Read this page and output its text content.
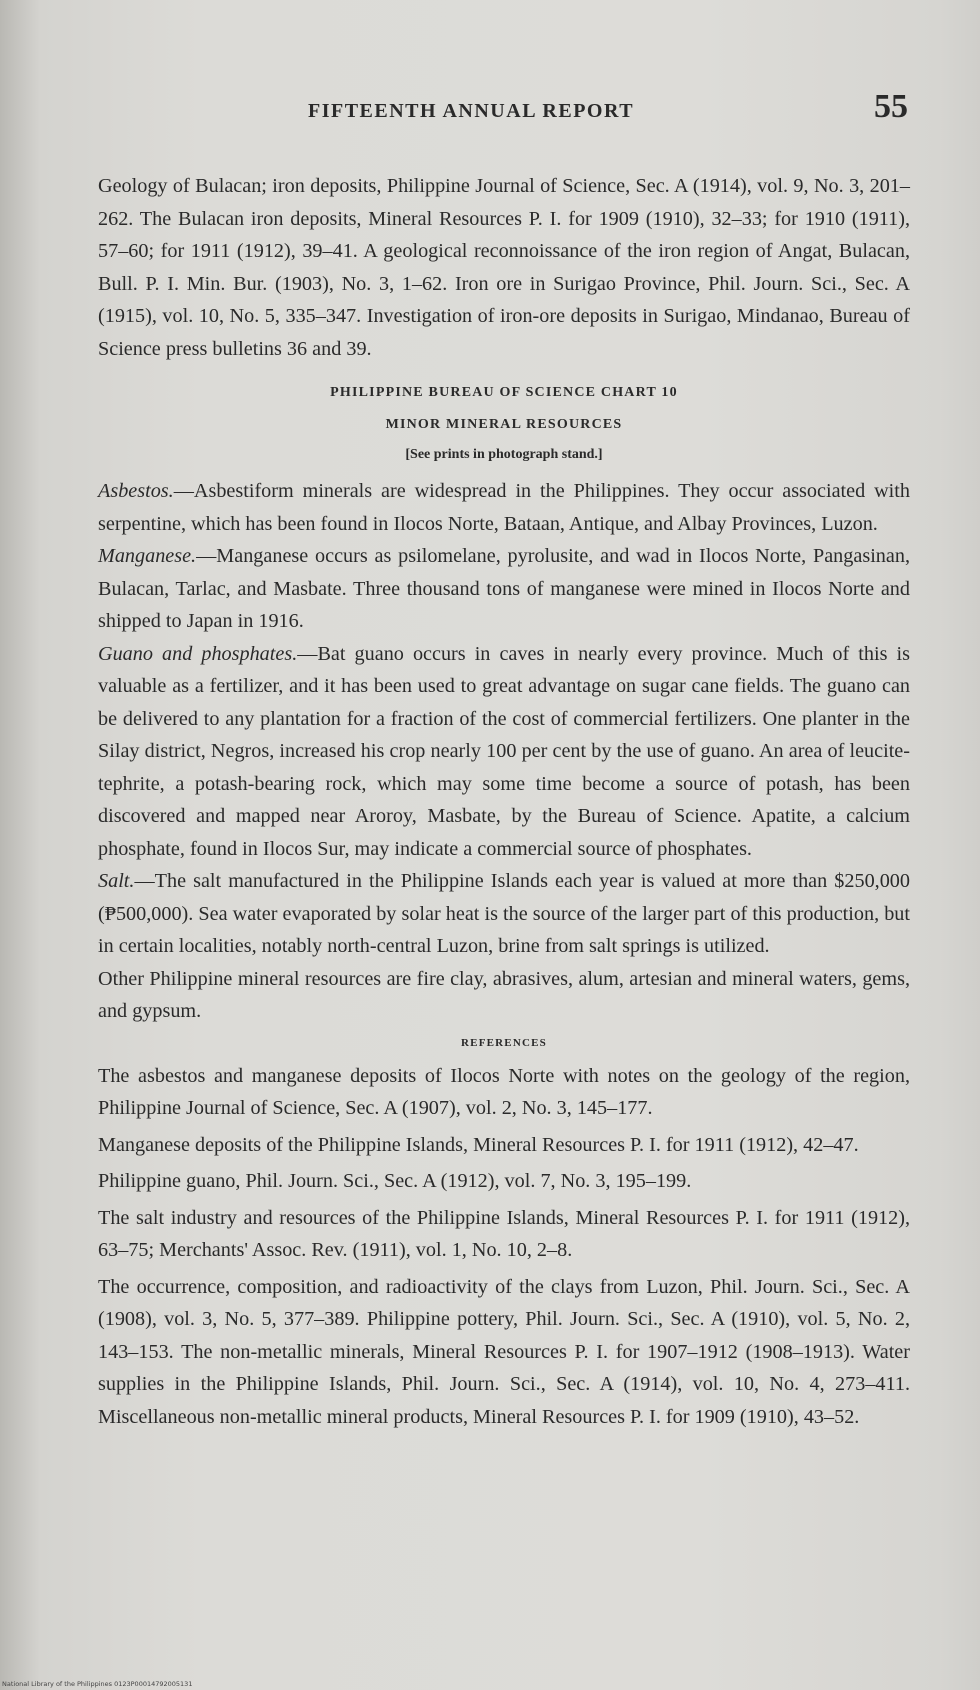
FIFTEENTH ANNUAL REPORT	55

Geology of Bulacan; iron deposits, Philippine Journal of Science, Sec. A (1914), vol. 9, No. 3, 201–262. The Bulacan iron deposits, Mineral Resources P. I. for 1909 (1910), 32–33; for 1910 (1911), 57–60; for 1911 (1912), 39–41. A geological reconnoissance of the iron region of Angat, Bulacan, Bull. P. I. Min. Bur. (1903), No. 3, 1–62. Iron ore in Surigao Province, Phil. Journ. Sci., Sec. A (1915), vol. 10, No. 5, 335–347. Investigation of iron-ore deposits in Surigao, Mindanao, Bureau of Science press bulletins 36 and 39.

PHILIPPINE BUREAU OF SCIENCE CHART 10
MINOR MINERAL RESOURCES
[See prints in photograph stand.]

Asbestos.—Asbestiform minerals are widespread in the Philippines. They occur associated with serpentine, which has been found in Ilocos Norte, Bataan, Antique, and Albay Provinces, Luzon.

Manganese.—Manganese occurs as psilomelane, pyrolusite, and wad in Ilocos Norte, Pangasinan, Bulacan, Tarlac, and Masbate. Three thousand tons of manganese were mined in Ilocos Norte and shipped to Japan in 1916.

Guano and phosphates.—Bat guano occurs in caves in nearly every province. Much of this is valuable as a fertilizer, and it has been used to great advantage on sugar cane fields. The guano can be delivered to any plantation for a fraction of the cost of commercial fertilizers. One planter in the Silay district, Negros, increased his crop nearly 100 per cent by the use of guano. An area of leucite-tephrite, a potash-bearing rock, which may some time become a source of potash, has been discovered and mapped near Aroroy, Masbate, by the Bureau of Science. Apatite, a calcium phosphate, found in Ilocos Sur, may indicate a commercial source of phosphates.

Salt.—The salt manufactured in the Philippine Islands each year is valued at more than $250,000 (₱500,000). Sea water evaporated by solar heat is the source of the larger part of this production, but in certain localities, notably north-central Luzon, brine from salt springs is utilized.

Other Philippine mineral resources are fire clay, abrasives, alum, artesian and mineral waters, gems, and gypsum.

REFERENCES

The asbestos and manganese deposits of Ilocos Norte with notes on the geology of the region, Philippine Journal of Science, Sec. A (1907), vol. 2, No. 3, 145–177.

Manganese deposits of the Philippine Islands, Mineral Resources P. I. for 1911 (1912), 42–47.

Philippine guano, Phil. Journ. Sci., Sec. A (1912), vol. 7, No. 3, 195–199.

The salt industry and resources of the Philippine Islands, Mineral Resources P. I. for 1911 (1912), 63–75; Merchants' Assoc. Rev. (1911), vol. 1, No. 10, 2–8.

The occurrence, composition, and radioactivity of the clays from Luzon, Phil. Journ. Sci., Sec. A (1908), vol. 3, No. 5, 377–389. Philippine pottery, Phil. Journ. Sci., Sec. A (1910), vol. 5, No. 2, 143–153. The non-metallic minerals, Mineral Resources P. I. for 1907–1912 (1908–1913). Water supplies in the Philippine Islands, Phil. Journ. Sci., Sec. A (1914), vol. 10, No. 4, 273–411. Miscellaneous non-metallic mineral products, Mineral Resources P. I. for 1909 (1910), 43–52.

National Library of the Philippines 0123P00014792005131
